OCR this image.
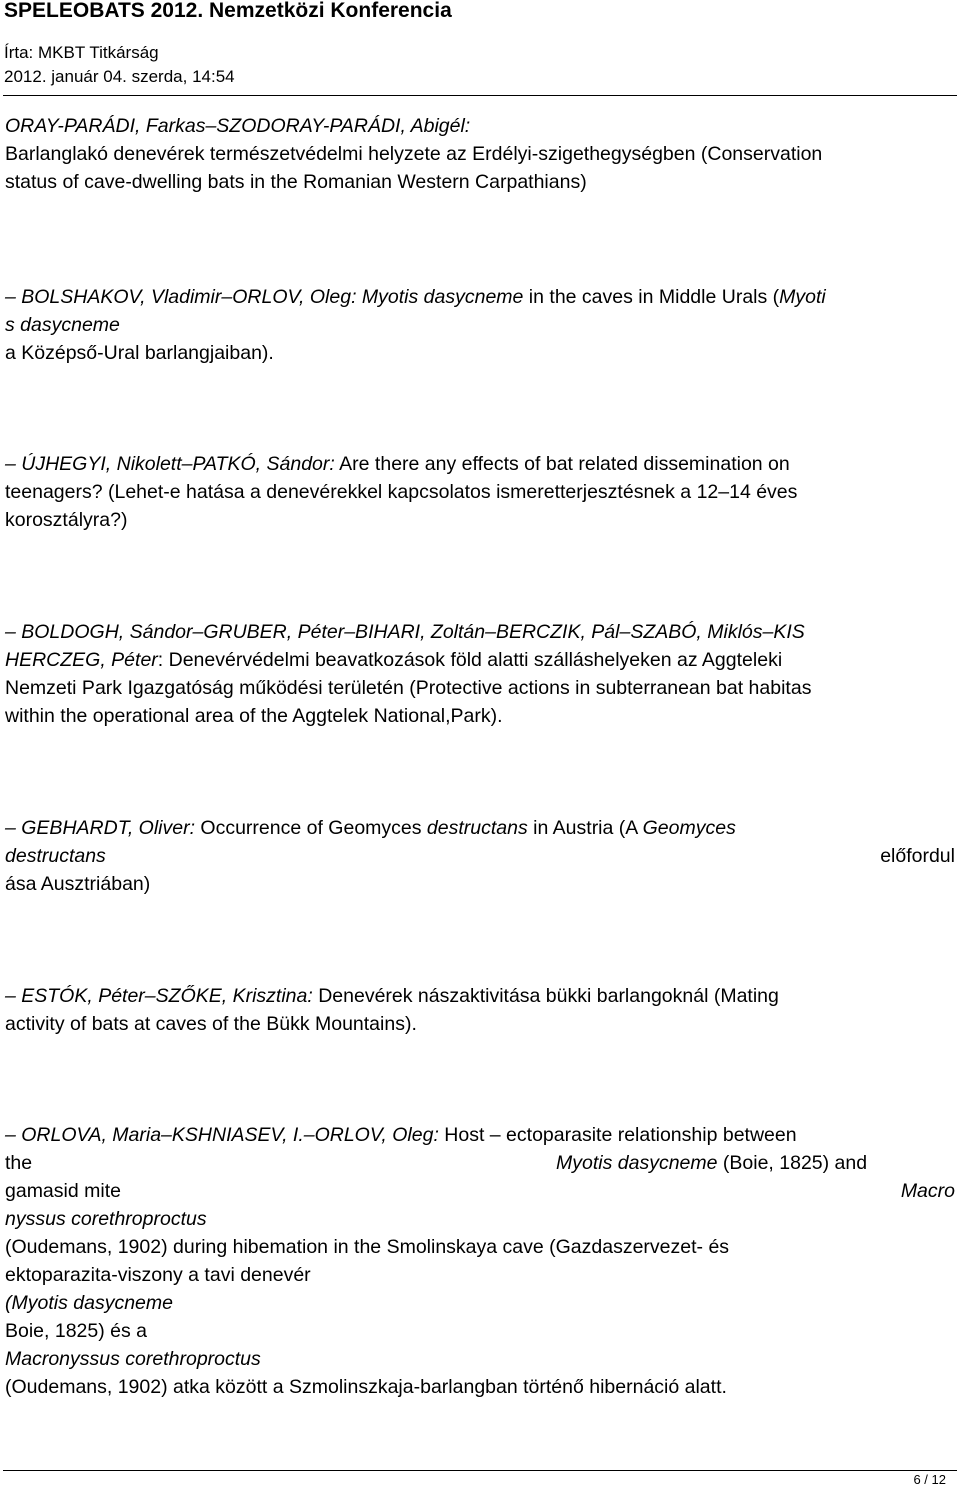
SPELEOBATS 2012. Nemzetközi Konferencia
Írta: MKBT Titkárság
2012. január 04. szerda, 14:54
ORAY-PARÁDI, Farkas–SZODORAY-PARÁDI, Abigél:
Barlanglakó denevérek természetvédelmi helyzete az Erdélyi-szigethegységben (Conservation
status of cave-dwelling bats in the Romanian Western Carpathians)
– BOLSHAKOV, Vladimir–ORLOV, Oleg: Myotis dasycneme in the caves in Middle Urals (Myoti
s dasycneme
a Középső-Ural barlangjaiban).
– ÚJHEGYI, Nikolett–PATKÓ, Sándor: Are there any effects of bat related dissemination on
teenagers? (Lehet-e hatása a denevérekkel kapcsolatos ismeretterjesztésnek a 12–14 éves
korosztályra?)
– BOLDOGH, Sándor–GRUBER, Péter–BIHARI, Zoltán–BERCZIK, Pál–SZABÓ, Miklós–KIS
HERCZEG, Péter: Denevérvédelmi beavatkozások föld alatti szálláshelyeken az Aggteleki
Nemzeti Park Igazgatóság működési területén (Protective actions in subterranean bat habitas
within the operational area of the Aggtelek National,Park).
– GEBHARDT, Oliver: Occurrence of Geomyces destructans in Austria (A Geomyces
destructans	előfordul
ása Ausztriában)
– ESTÓK, Péter–SZŐKE, Krisztina: Denevérek nászaktivitása bükki barlangoknál (Mating
activity of bats at caves of the Bükk Mountains).
– ORLOVA, Maria–KSHNIASEV, I.–ORLOV, Oleg: Host – ectoparasite relationship between
the	Myotis dasycneme (Boie, 1825) and
gamasid mite	Macro
nyssus corethroproctus
(Oudemans, 1902) during hibemation in the Smolinskaya cave (Gazdaszervezet- és
ektoparazita-viszony a tavi denevér
(Myotis dasycneme
Boie, 1825) és a
Macronyssus corethroproctus
(Oudemans, 1902) atka között a Szmolinszkaja-barlangban történő hibernáció alatt.
6 / 12
